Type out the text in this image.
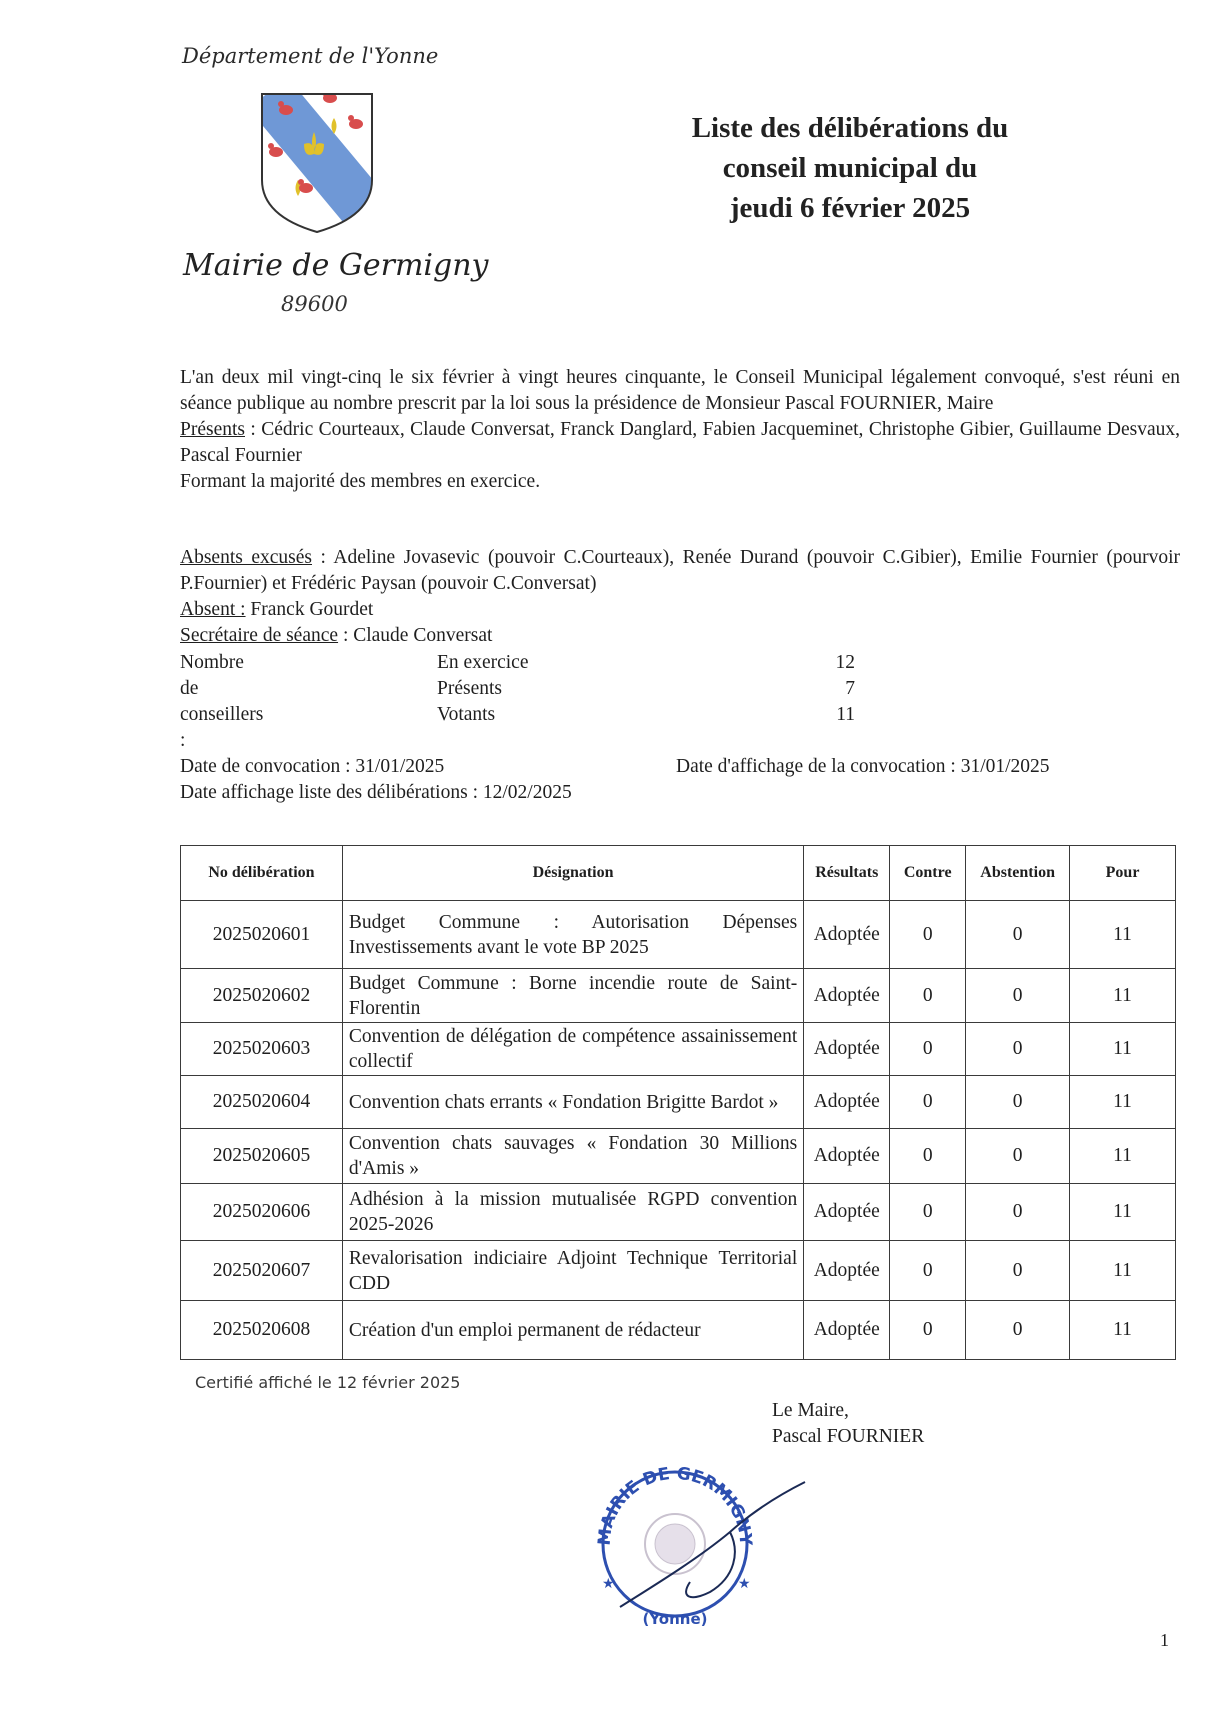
Département de l'Yonne
Mairie de Germigny
89600
Liste des délibérations du
conseil municipal du
jeudi 6 février 2025

L'an deux mil vingt-cinq le six février à vingt heures cinquante, le Conseil Municipal légalement convoqué, s'est réuni en séance publique au nombre prescrit par la loi sous la présidence de Monsieur Pascal FOURNIER, Maire

Présents : Cédric Courteaux, Claude Conversat, Franck Danglard, Fabien Jacqueminet, Christophe Gibier, Guillaume Desvaux, Pascal Fournier

Formant la majorité des membres en exercice.

Absents excusés : Adeline Jovasevic (pouvoir C.Courteaux), Renée Durand (pouvoir C.Gibier), Emilie Fournier (pourvoir P.Fournier) et Frédéric Paysan (pouvoir C.Conversat)

Absent : Franck Gourdet

Secrétaire de séance : Claude Conversat

Nombre de conseillers :
En exercice	12
Présents	7
Votants	11
Date de convocation : 31/01/2025	Date d'affichage de la convocation : 31/01/2025
Date affichage liste des délibérations : 12/02/2025
No délibération	Désignation	Résultats	Contre	Abstention	Pour
2025020601	Budget Commune : Autorisation Dépenses Investissements avant le vote BP 2025	Adoptée	0	0	11
2025020602	Budget Commune : Borne incendie route de Saint-Florentin	Adoptée	0	0	11
2025020603	Convention de délégation de compétence assainissement collectif	Adoptée	0	0	11
2025020604	Convention chats errants « Fondation Brigitte Bardot »	Adoptée	0	0	11
2025020605	Convention chats sauvages « Fondation 30 Millions d'Amis »	Adoptée	0	0	11
2025020606	Adhésion à la mission mutualisée RGPD convention 2025-2026	Adoptée	0	0	11
2025020607	Revalorisation indiciaire Adjoint Technique Territorial CDD	Adoptée	0	0	11
2025020608	Création d'un emploi permanent de rédacteur	Adoptée	0	0	11
Certifié affiché le 12 février 2025
Le Maire,
Pascal FOURNIER
MAIRIE DE GERMIGNY
(Yonne)
★	★
1
